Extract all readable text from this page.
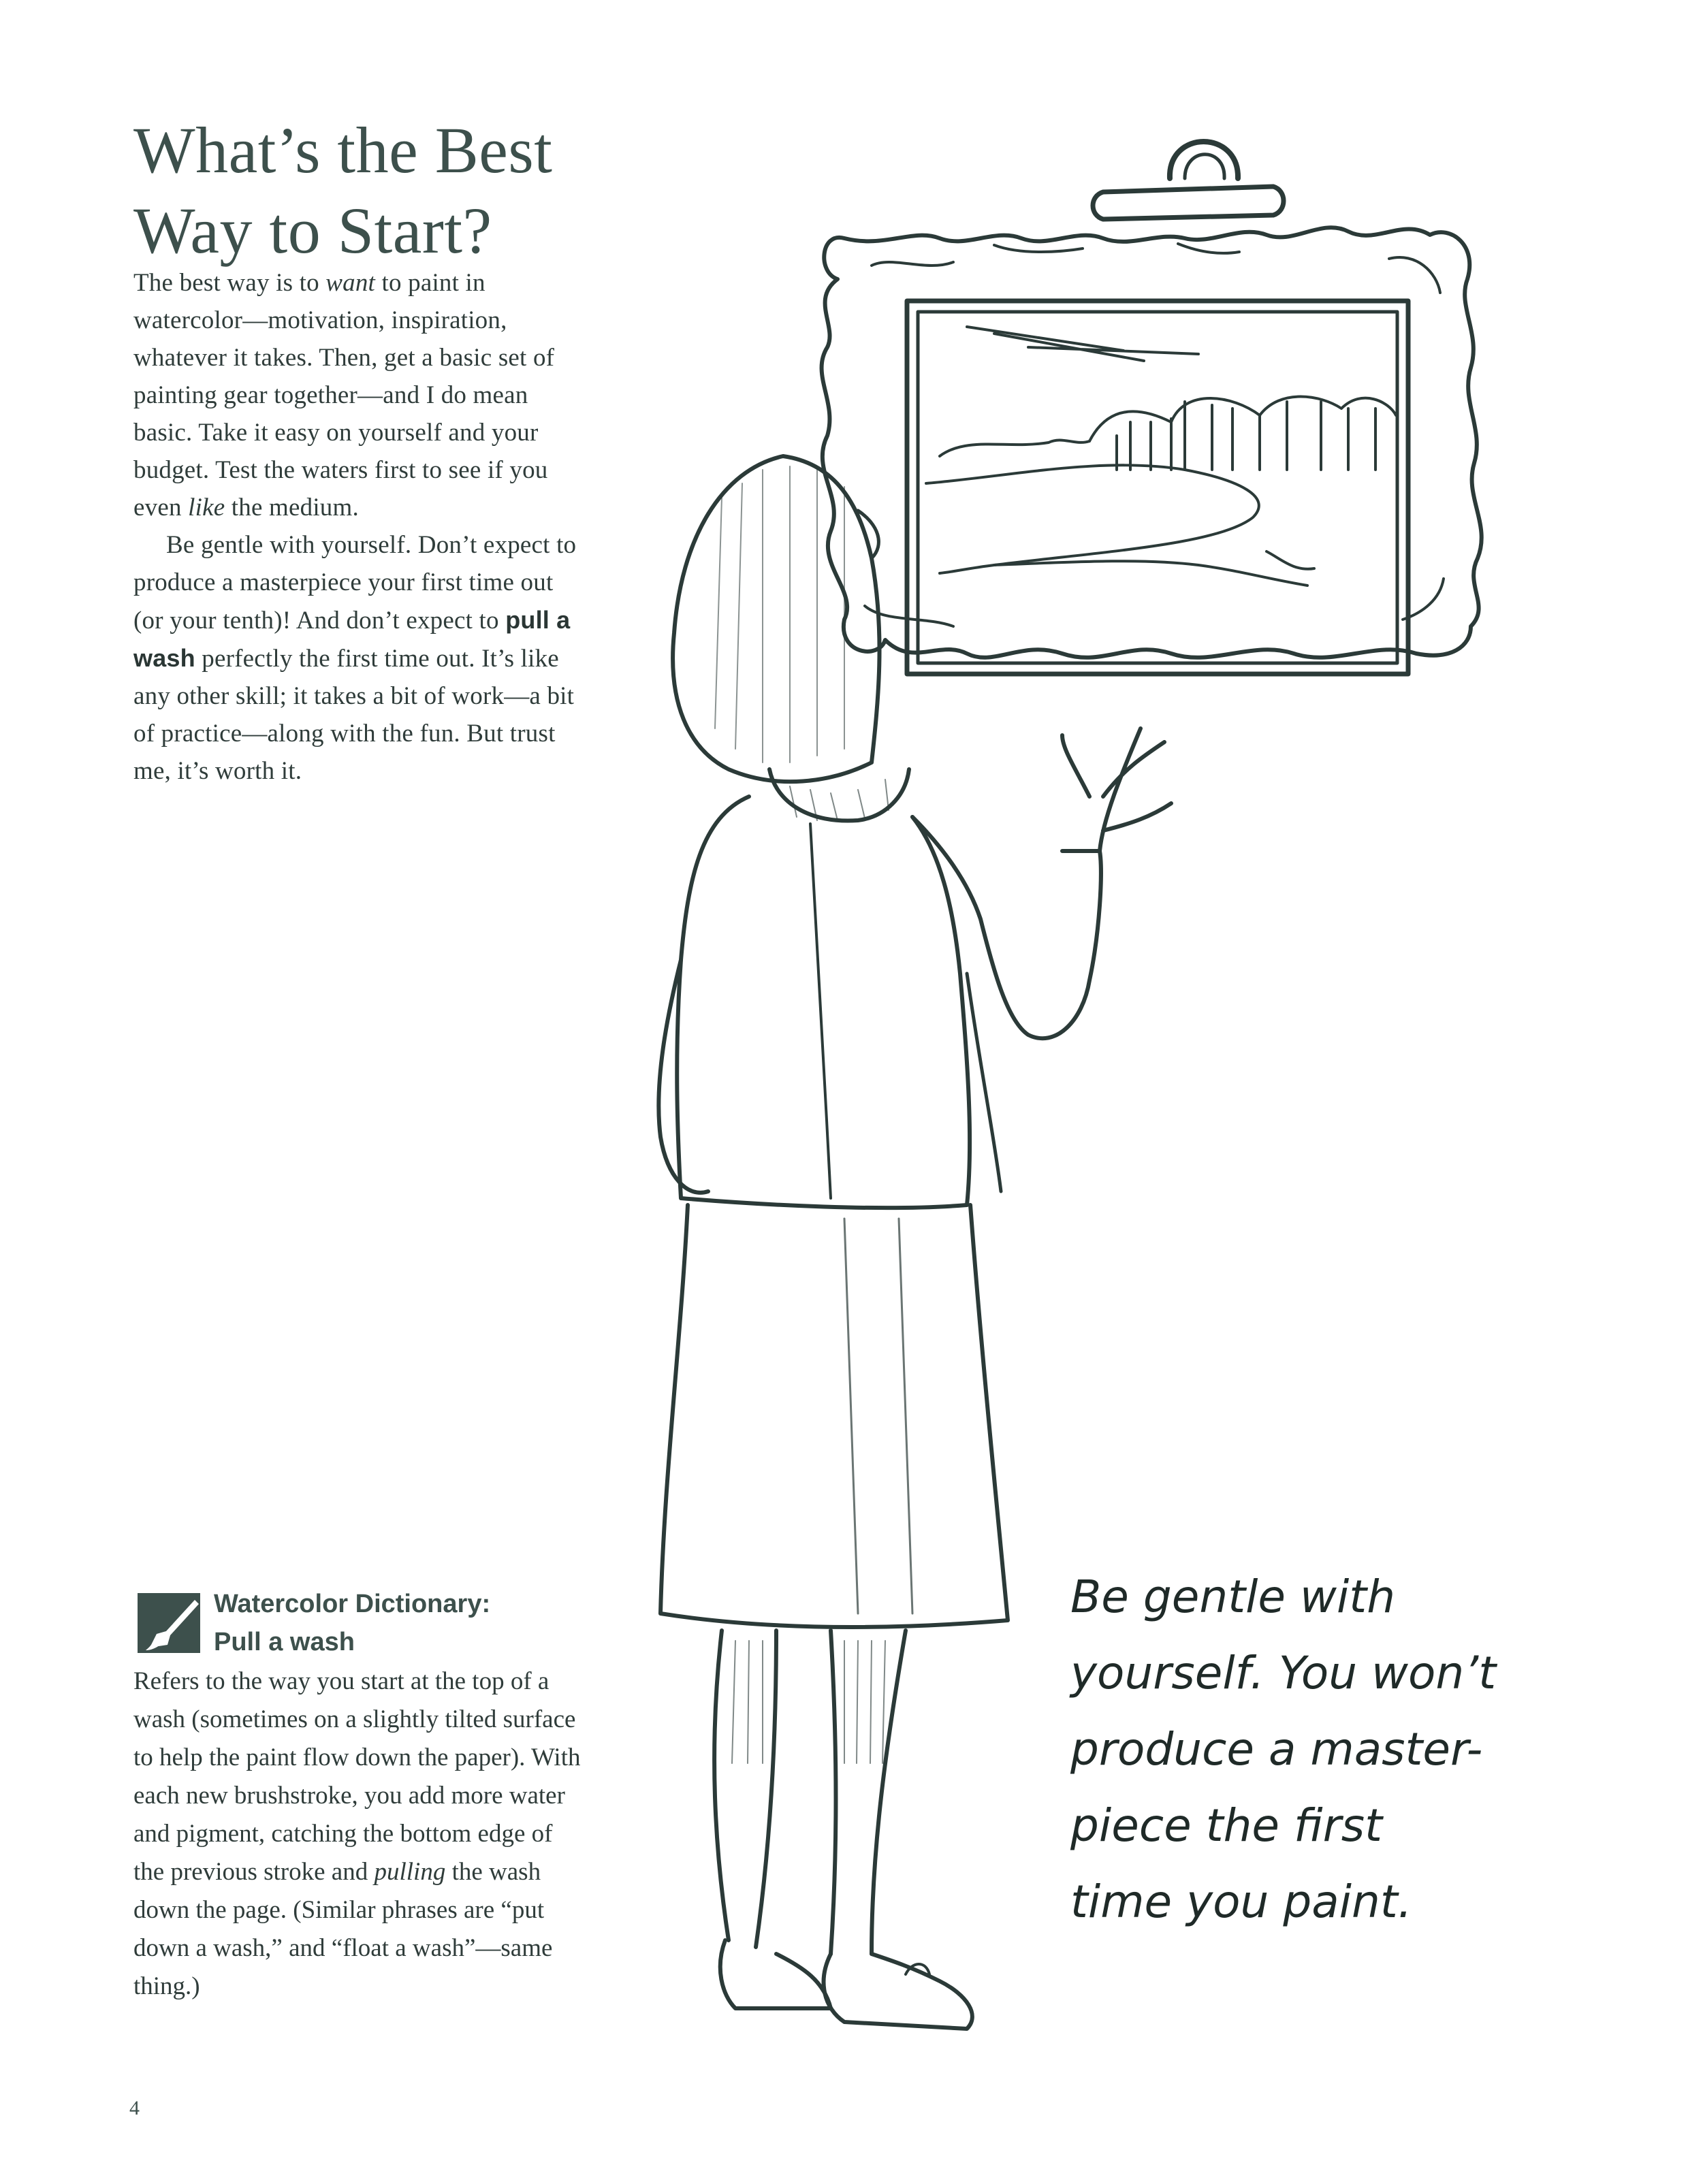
What’s the Best
Way to Start?

The best way is to want to paint in watercolor—motivation, inspiration, whatever it takes. Then, get a basic set of painting gear together—and I do mean basic. Take it easy on yourself and your budget. Test the waters first to see if you even like the medium.

Be gentle with yourself. Don’t expect to produce a masterpiece your first time out (or your tenth)! And don’t expect to pull a wash perfectly the first time out. It’s like any other skill; it takes a bit of work—a bit of practice—along with the fun. But trust me, it’s worth it.

Watercolor Dictionary:
Pull a wash
Refers to the way you start at the top of a wash (sometimes on a slightly tilted surface to help the paint flow down the paper). With each new brushstroke, you add more water and pigment, catching the bottom edge of the previous stroke and pulling the wash down the page. (Similar phrases are “put down a wash,” and “float a wash”—same thing.)
Be gentle with
yourself. You won’t
produce a master-
piece the first
time you paint.
4
